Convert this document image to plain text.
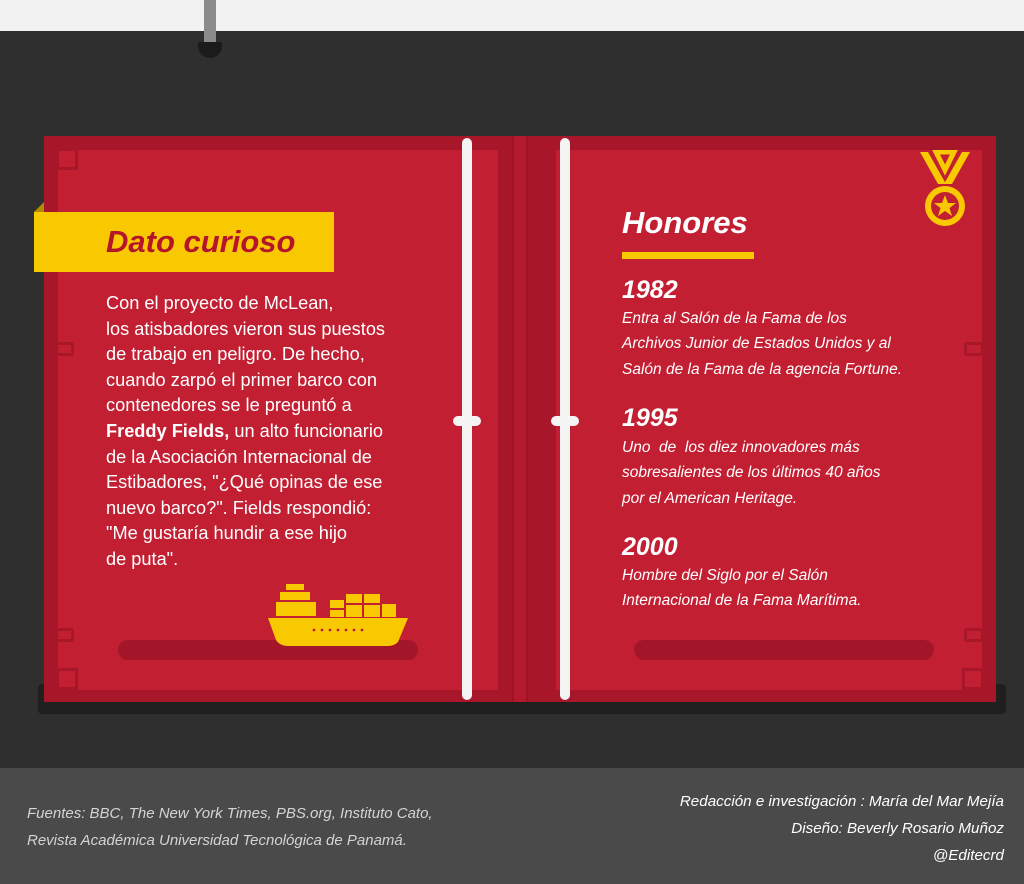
Dato curioso
Con el proyecto de McLean,
los atisbadores vieron sus puestos
de trabajo en peligro. De hecho,
cuando zarpó el primer barco con
contenedores se le preguntó a
Freddy Fields, un alto funcionario
de la Asociación Internacional de
Estibadores, "¿Qué opinas de ese
nuevo barco?". Fields respondió:
"Me gustaría hundir a ese hijo
de puta".
Honores
1982
Entra al Salón de la Fama de los
Archivos Junior de Estados Unidos y al
Salón de la Fama de la agencia Fortune.
1995
Uno  de  los diez innovadores más
sobresalientes de los últimos 40 años
por el American Heritage.
2000
Hombre del Siglo por el Salón
Internacional de la Fama Marítima.
Fuentes: BBC, The New York Times, PBS.org, Instituto Cato,
Revista Académica Universidad Tecnológica de Panamá.
Redacción e investigación : María del Mar Mejía
Diseño: Beverly Rosario Muñoz
@Editecrd
